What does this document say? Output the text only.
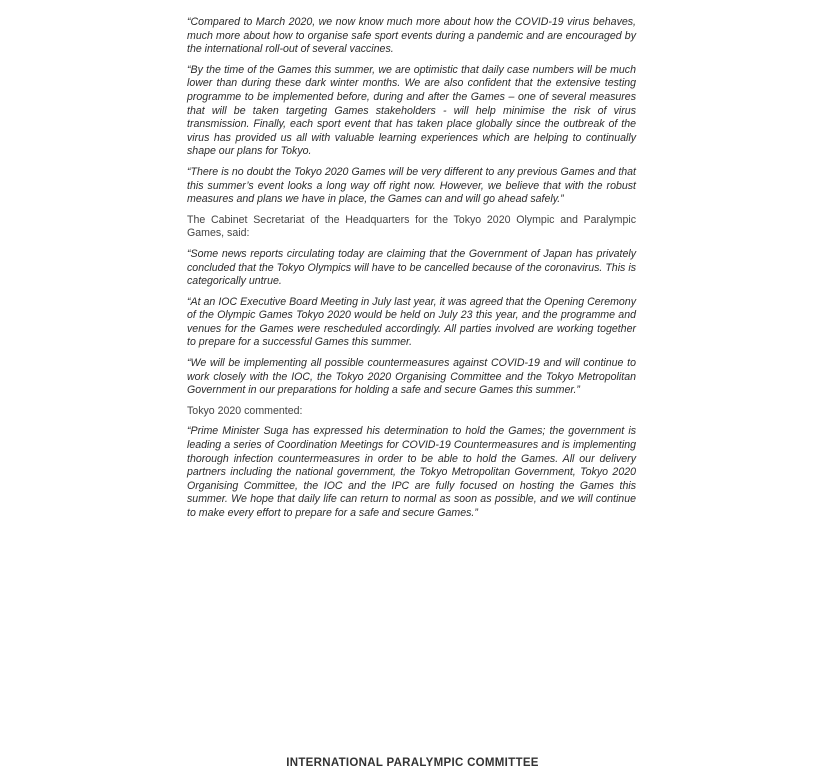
“Compared to March 2020, we now know much more about how the COVID-19 virus behaves, much more about how to organise safe sport events during a pandemic and are encouraged by the international roll-out of several vaccines.

“By the time of the Games this summer, we are optimistic that daily case numbers will be much lower than during these dark winter months. We are also confident that the extensive testing programme to be implemented before, during and after the Games – one of several measures that will be taken targeting Games stakeholders - will help minimise the risk of virus transmission. Finally, each sport event that has taken place globally since the outbreak of the virus has provided us all with valuable learning experiences which are helping to continually shape our plans for Tokyo.

“There is no doubt the Tokyo 2020 Games will be very different to any previous Games and that this summer’s event looks a long way off right now. However, we believe that with the robust measures and plans we have in place, the Games can and will go ahead safely.”

The Cabinet Secretariat of the Headquarters for the Tokyo 2020 Olympic and Paralympic Games, said:

“Some news reports circulating today are claiming that the Government of Japan has privately concluded that the Tokyo Olympics will have to be cancelled because of the coronavirus. This is categorically untrue.

“At an IOC Executive Board Meeting in July last year, it was agreed that the Opening Ceremony of the Olympic Games Tokyo 2020 would be held on July 23 this year, and the programme and venues for the Games were rescheduled accordingly. All parties involved are working together to prepare for a successful Games this summer.

“We will be implementing all possible countermeasures against COVID-19 and will continue to work closely with the IOC, the Tokyo 2020 Organising Committee and the Tokyo Metropolitan Government in our preparations for holding a safe and secure Games this summer.”

Tokyo 2020 commented:

“Prime Minister Suga has expressed his determination to hold the Games; the government is leading a series of Coordination Meetings for COVID-19 Countermeasures and is implementing thorough infection countermeasures in order to be able to hold the Games. All our delivery partners including the national government, the Tokyo Metropolitan Government, Tokyo 2020 Organising Committee, the IOC and the IPC are fully focused on hosting the Games this summer. We hope that daily life can return to normal as soon as possible, and we will continue to make every effort to prepare for a safe and secure Games.”

INTERNATIONAL PARALYMPIC COMMITTEE
